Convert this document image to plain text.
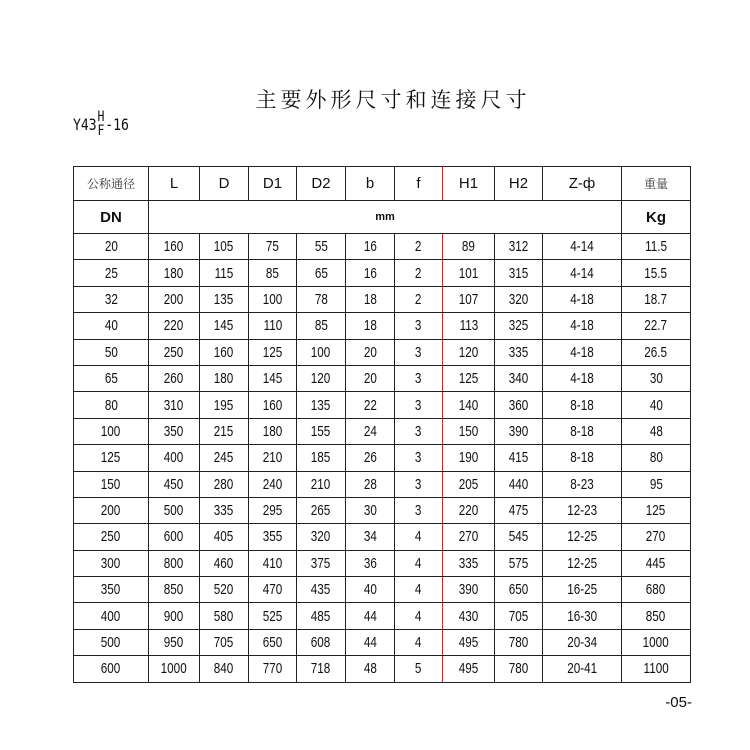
主要外形尺寸和连接尺寸
Y43 H
F -16
公称通径	L	D	D1	D2	b	f	H1	H2	Z-ф	重量
DN	mm									Kg
20	160	105	75	55	16	2	89	312	4-14	11.5
25	180	115	85	65	16	2	101	315	4-14	15.5
32	200	135	100	78	18	2	107	320	4-18	18.7
40	220	145	110	85	18	3	113	325	4-18	22.7
50	250	160	125	100	20	3	120	335	4-18	26.5
65	260	180	145	120	20	3	125	340	4-18	30
80	310	195	160	135	22	3	140	360	8-18	40
100	350	215	180	155	24	3	150	390	8-18	48
125	400	245	210	185	26	3	190	415	8-18	80
150	450	280	240	210	28	3	205	440	8-23	95
200	500	335	295	265	30	3	220	475	12-23	125
250	600	405	355	320	34	4	270	545	12-25	270
300	800	460	410	375	36	4	335	575	12-25	445
350	850	520	470	435	40	4	390	650	16-25	680
400	900	580	525	485	44	4	430	705	16-30	850
500	950	705	650	608	44	4	495	780	20-34	1000
600	1000	840	770	718	48	5	495	780	20-41	1100
-05-
